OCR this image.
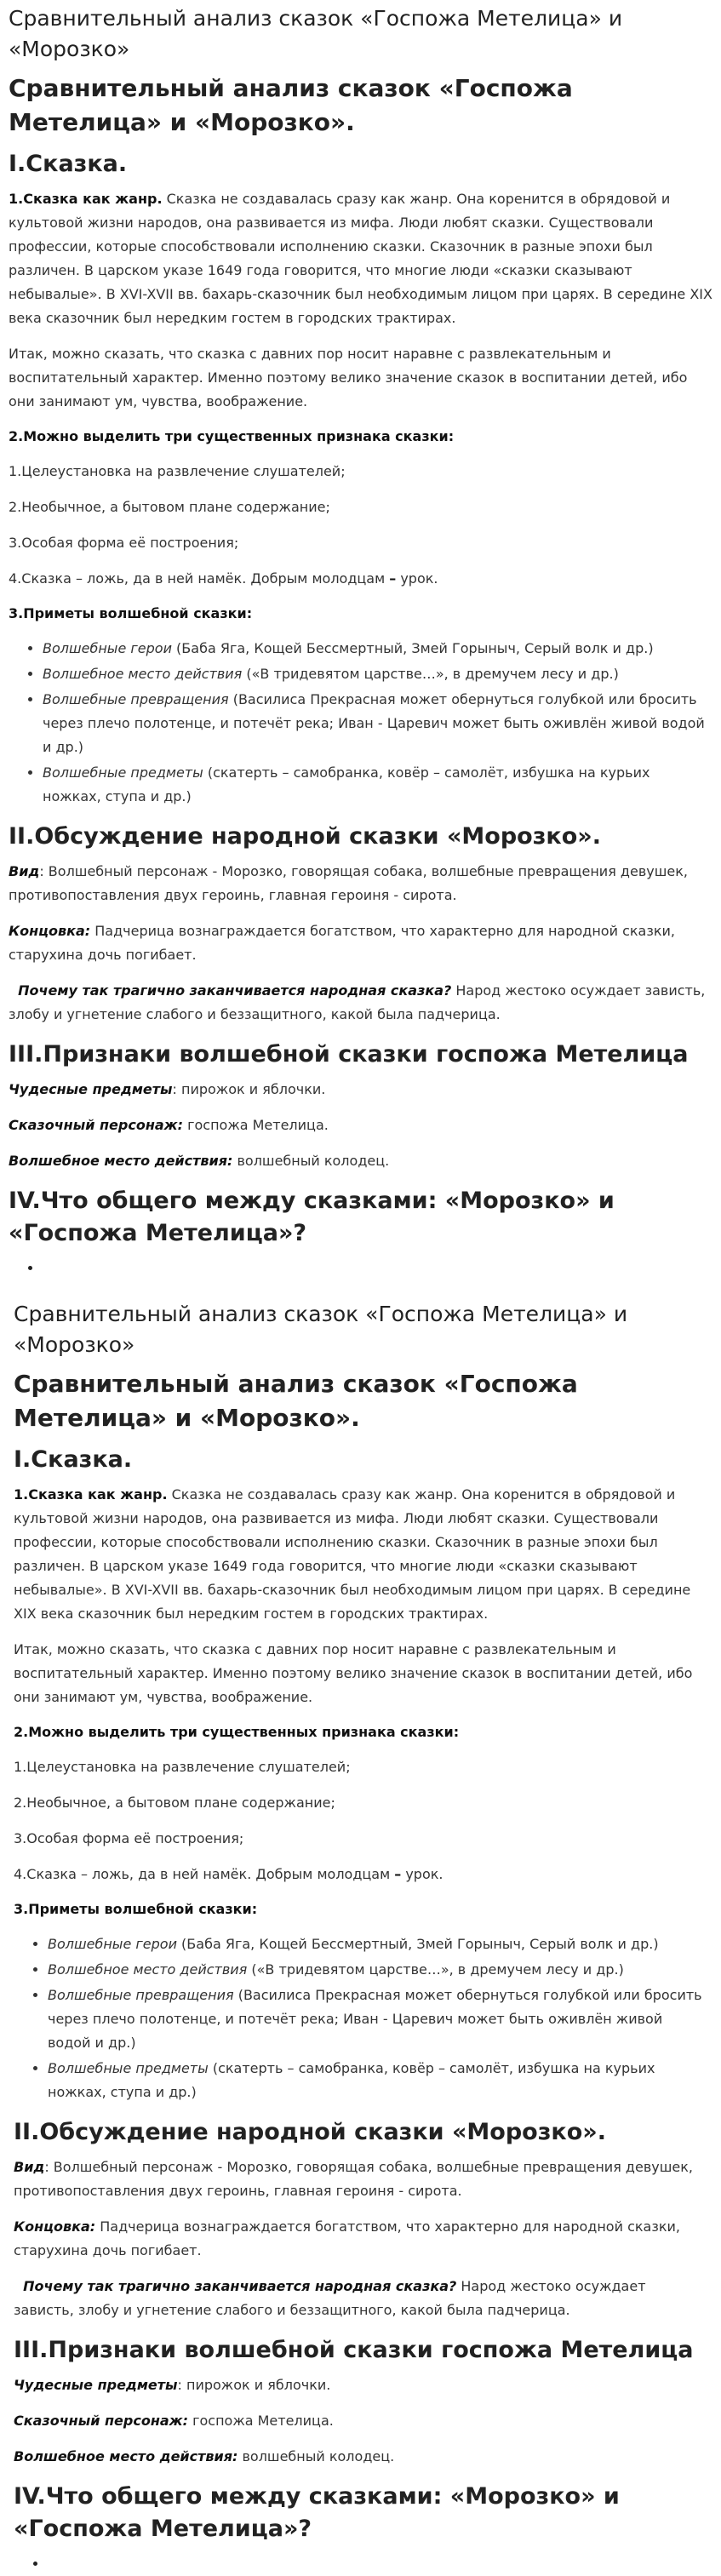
Сравнительный анализ сказок «Госпожа Метелица» и «Морозко»
Сравнительный анализ сказок «Госпожа Метелица» и «Морозко».
I.Сказка.

1.Сказка как жанр. Сказка не создавалась сразу как жанр. Она коренится в обрядовой и культовой жизни народов, она развивается из мифа. Люди любят сказки. Существовали профессии, которые способствовали исполнению сказки. Сказочник в разные эпохи был различен. В царском указе 1649 года говорится, что многие люди «сказки сказывают небывалые». В XVI-XVII вв. бахарь-сказочник был необходимым лицом при царях. В середине XIX века сказочник был нередким гостем в городских трактирах.

Итак, можно сказать, что сказка с давних пор носит наравне с развлекательным и воспитательный характер. Именно поэтому велико значение сказок в воспитании детей, ибо они занимают ум, чувства, воображение.

2.Можно выделить три существенных признака сказки:

1.Целеустановка на развлечение слушателей;

2.Необычное, а бытовом плане содержание;

3.Особая форма её построения;

4.Сказка – ложь, да в ней намёк. Добрым молодцам – урок.

3.Приметы волшебной сказки:

• Волшебные герои (Баба Яга, Кощей Бессмертный, Змей Горыныч, Серый волк и др.)
• Волшебное место действия («В тридевятом царстве…», в дремучем лесу и др.)
• Волшебные превращения (Василиса Прекрасная может обернуться голубкой или бросить через плечо полотенце, и потечёт река; Иван - Царевич может быть оживлён живой водой и др.)
• Волшебные предметы (скатерть – самобранка, ковёр – самолёт, избушка на курьих ножках, ступа и др.)
II.Обсуждение народной сказки «Морозко».

Вид: Волшебный персонаж - Морозко, говорящая собака, волшебные превращения девушек, противопоставления двух героинь, главная героиня - сирота.

Концовка: Падчерица вознаграждается богатством, что характерно для народной сказки, старухина дочь погибает.

Почему так трагично заканчивается народная сказка? Народ жестоко осуждает зависть, злобу и угнетение слабого и беззащитного, какой была падчерица.

III.Признаки волшебной сказки госпожа Метелица

Чудесные предметы: пирожок и яблочки.

Сказочный персонаж: госпожа Метелица.

Волшебное место действия: волшебный колодец.

IV.Что общего между сказками: «Морозко» и «Госпожа Метелица»?
•
Сравнительный анализ сказок «Госпожа Метелица» и «Морозко»
Сравнительный анализ сказок «Госпожа Метелица» и «Морозко».
I.Сказка.

1.Сказка как жанр. Сказка не создавалась сразу как жанр. Она коренится в обрядовой и культовой жизни народов, она развивается из мифа. Люди любят сказки. Существовали профессии, которые способствовали исполнению сказки. Сказочник в разные эпохи был различен. В царском указе 1649 года говорится, что многие люди «сказки сказывают небывалые». В XVI-XVII вв. бахарь-сказочник был необходимым лицом при царях. В середине XIX века сказочник был нередким гостем в городских трактирах.

Итак, можно сказать, что сказка с давних пор носит наравне с развлекательным и воспитательный характер. Именно поэтому велико значение сказок в воспитании детей, ибо они занимают ум, чувства, воображение.

2.Можно выделить три существенных признака сказки:

1.Целеустановка на развлечение слушателей;

2.Необычное, а бытовом плане содержание;

3.Особая форма её построения;

4.Сказка – ложь, да в ней намёк. Добрым молодцам – урок.

3.Приметы волшебной сказки:

• Волшебные герои (Баба Яга, Кощей Бессмертный, Змей Горыныч, Серый волк и др.)
• Волшебное место действия («В тридевятом царстве…», в дремучем лесу и др.)
• Волшебные превращения (Василиса Прекрасная может обернуться голубкой или бросить через плечо полотенце, и потечёт река; Иван - Царевич может быть оживлён живой водой и др.)
• Волшебные предметы (скатерть – самобранка, ковёр – самолёт, избушка на курьих ножках, ступа и др.)
II.Обсуждение народной сказки «Морозко».

Вид: Волшебный персонаж - Морозко, говорящая собака, волшебные превращения девушек, противопоставления двух героинь, главная героиня - сирота.

Концовка: Падчерица вознаграждается богатством, что характерно для народной сказки, старухина дочь погибает.

Почему так трагично заканчивается народная сказка? Народ жестоко осуждает зависть, злобу и угнетение слабого и беззащитного, какой была падчерица.

III.Признаки волшебной сказки госпожа Метелица

Чудесные предметы: пирожок и яблочки.

Сказочный персонаж: госпожа Метелица.

Волшебное место действия: волшебный колодец.

IV.Что общего между сказками: «Морозко» и «Госпожа Метелица»?
•
